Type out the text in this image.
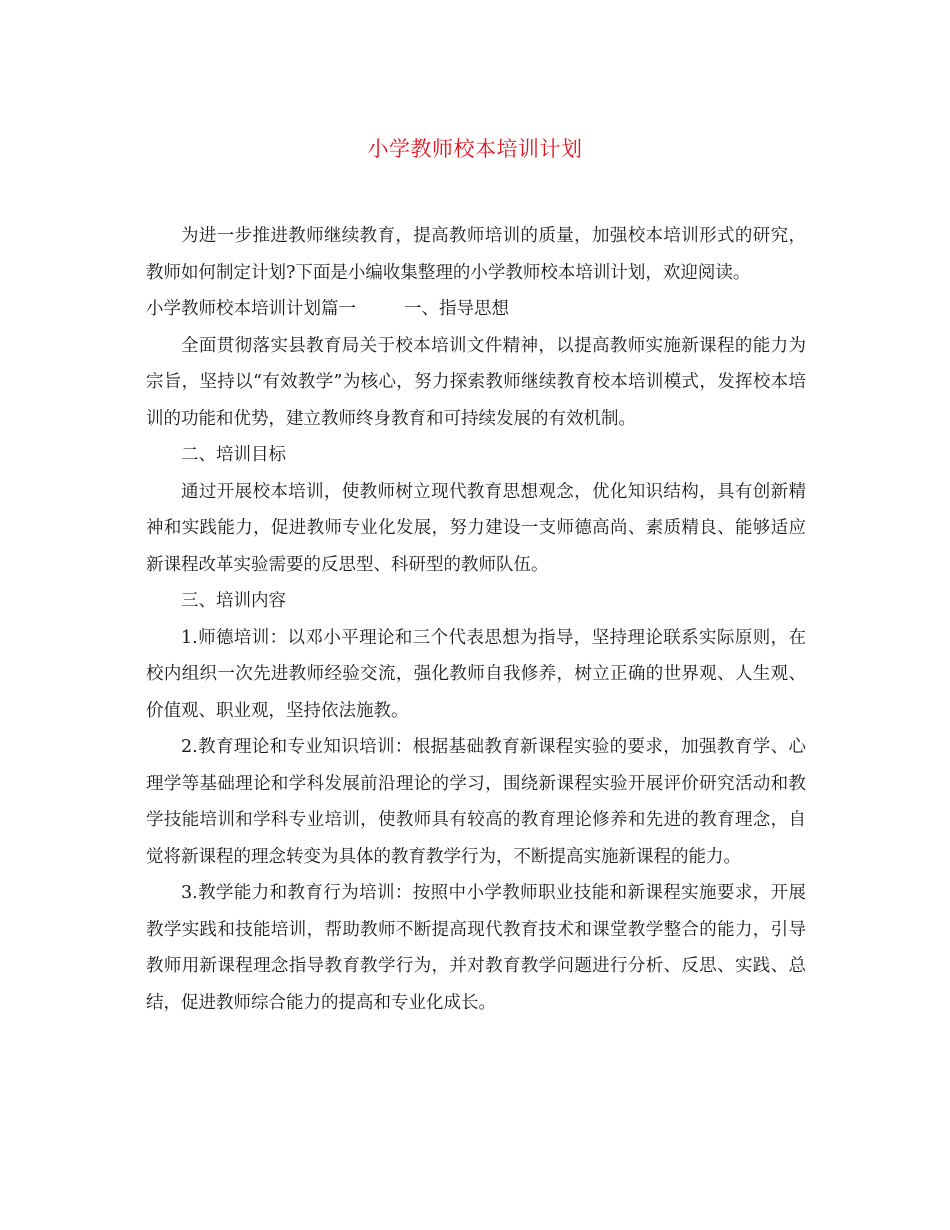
小学教师校本培训计划

为进一步推进教师继续教育，提高教师培训的质量，加强校本培训形式的研究，教师如何制定计划?下面是小编收集整理的小学教师校本培训计划，欢迎阅读。

小学教师校本培训计划篇一	一、指导思想

全面贯彻落实县教育局关于校本培训文件精神，以提高教师实施新课程的能力为宗旨，坚持以“有效教学”为核心，努力探索教师继续教育校本培训模式，发挥校本培训的功能和优势，建立教师终身教育和可持续发展的有效机制。

二、培训目标

通过开展校本培训，使教师树立现代教育思想观念，优化知识结构，具有创新精神和实践能力，促进教师专业化发展，努力建设一支师德高尚、素质精良、能够适应新课程改革实验需要的反思型、科研型的教师队伍。

三、培训内容

1.师德培训：以邓小平理论和三个代表思想为指导，坚持理论联系实际原则，在校内组织一次先进教师经验交流，强化教师自我修养，树立正确的世界观、人生观、价值观、职业观，坚持依法施教。

2.教育理论和专业知识培训：根据基础教育新课程实验的要求，加强教育学、心理学等基础理论和学科发展前沿理论的学习，围绕新课程实验开展评价研究活动和教学技能培训和学科专业培训，使教师具有较高的教育理论修养和先进的教育理念，自觉将新课程的理念转变为具体的教育教学行为，不断提高实施新课程的能力。

3.教学能力和教育行为培训：按照中小学教师职业技能和新课程实施要求，开展教学实践和技能培训，帮助教师不断提高现代教育技术和课堂教学整合的能力，引导教师用新课程理念指导教育教学行为，并对教育教学问题进行分析、反思、实践、总结，促进教师综合能力的提高和专业化成长。
